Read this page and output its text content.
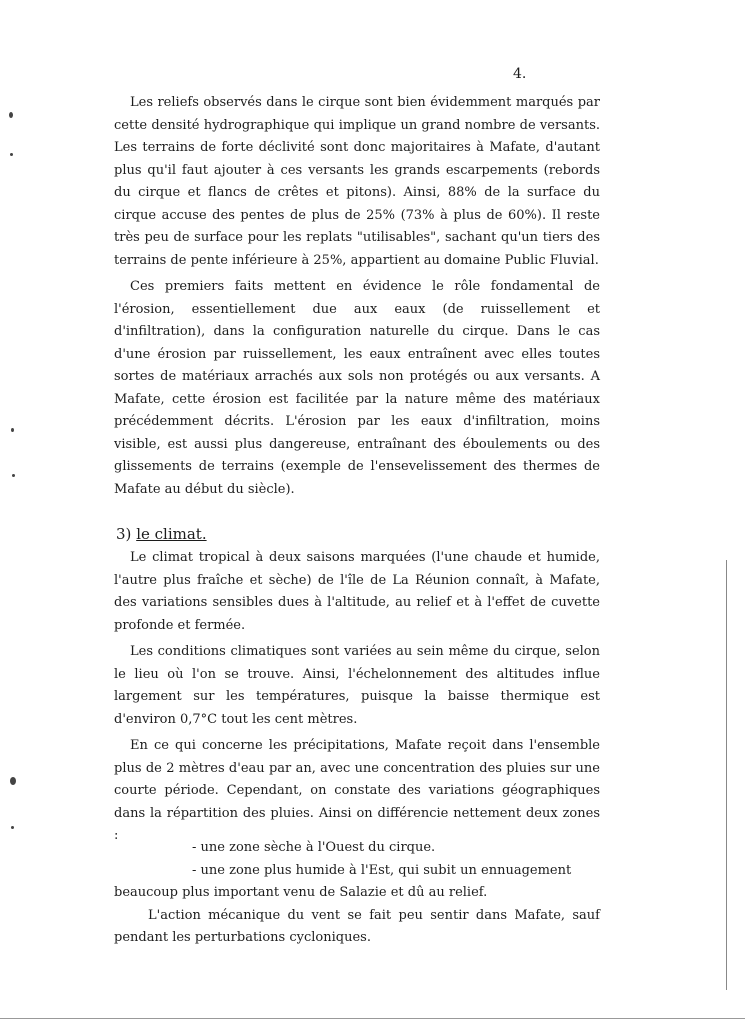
4.

Les reliefs observés dans le cirque sont bien évidemment marqués par cette densité hydrographique qui implique un grand nombre de versants. Les terrains de forte déclivité sont donc majoritaires à Mafate, d'autant plus qu'il faut ajouter à ces versants les grands escarpements (rebords du cirque et flancs de crêtes et pitons). Ainsi, 88% de la surface du cirque accuse des pentes de plus de 25% (73% à plus de 60%). Il reste très peu de surface pour les replats "utilisables", sachant qu'un tiers des terrains de pente inférieure à 25%, appartient au domaine Public Fluvial.

Ces premiers faits mettent en évidence le rôle fondamental de l'érosion, essentiellement due aux eaux (de ruissellement et d'infiltration), dans la configuration naturelle du cirque. Dans le cas d'une érosion par ruissellement, les eaux entraînent avec elles toutes sortes de matériaux arrachés aux sols non protégés ou aux versants. A Mafate, cette érosion est facilitée par la nature même des matériaux précédemment décrits. L'érosion par les eaux d'infiltration, moins visible, est aussi plus dangereuse, entraînant des éboulements ou des glissements de terrains (exemple de l'ensevelissement des thermes de Mafate au début du siècle).

3) le climat.

Le climat tropical à deux saisons marquées (l'une chaude et humide, l'autre plus fraîche et sèche) de l'île de La Réunion connaît, à Mafate, des variations sensibles dues à l'altitude, au relief et à l'effet de cuvette profonde et fermée.

Les conditions climatiques sont variées au sein même du cirque, selon le lieu où l'on se trouve. Ainsi, l'échelonnement des altitudes influe largement sur les températures, puisque la baisse thermique est d'environ 0,7°C tout les cent mètres.

En ce qui concerne les précipitations, Mafate reçoit dans l'ensemble plus de 2 mètres d'eau par an, avec une concentration des pluies sur une courte période. Cependant, on constate des variations géographiques dans la répartition des pluies. Ainsi on différencie nettement deux zones :

- une zone sèche à l'Ouest du cirque.
- une zone plus humide à l'Est, qui subit un ennuagement
beaucoup plus important venu de Salazie et dû au relief.

L'action mécanique du vent se fait peu sentir dans Mafate, sauf pendant les perturbations cycloniques.
